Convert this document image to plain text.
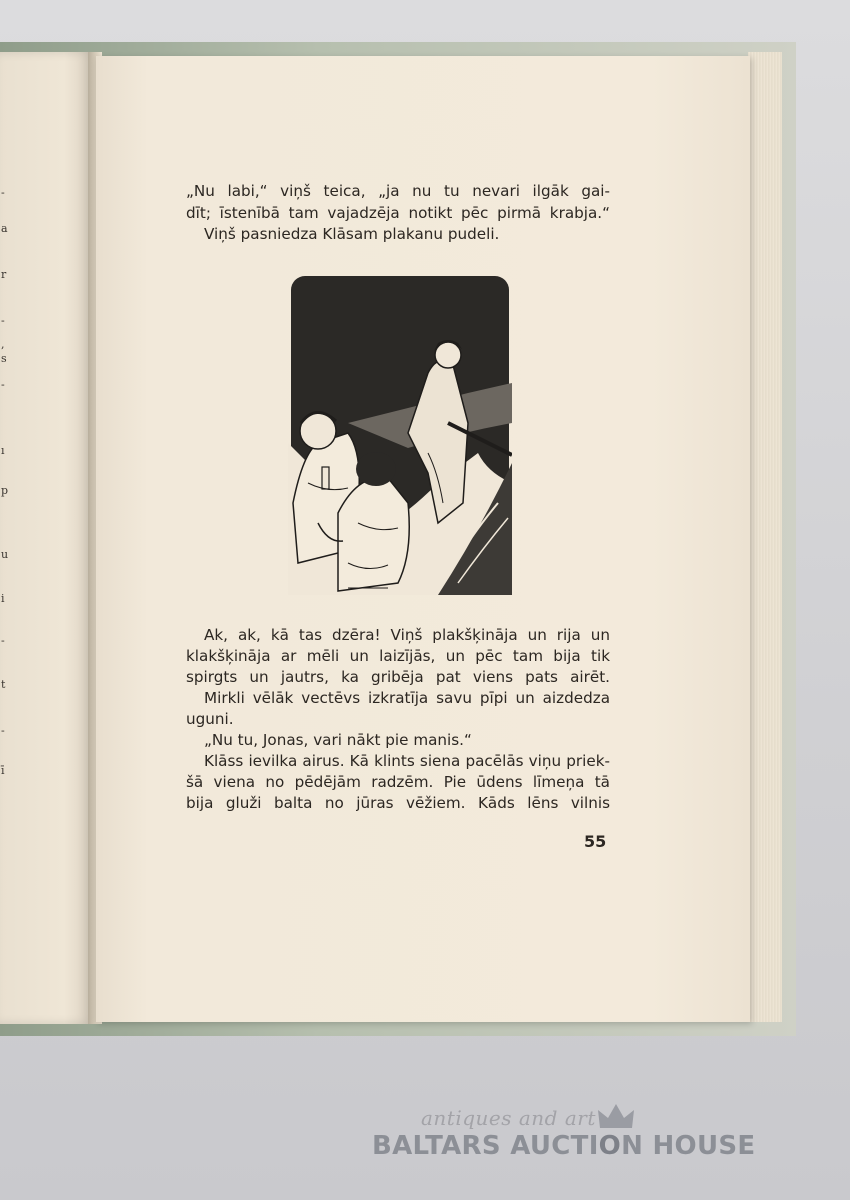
-
a
r
-
,
s
-
ı
p
u
i
-
t
-
ī
„Nu labi,“ viņš teica, „ja nu tu nevari ilgāk gai-
dīt; īstenībā tam vajadzēja notikt pēc pirmā krabja.“
Viņš pasniedza Klāsam plakanu pudeli.
Ak, ak, kā tas dzēra! Viņš plakšķināja un rija un
klakšķināja ar mēli un laizījās, un pēc tam bija tik
spirgts un jautrs, ka gribēja pat viens pats airēt.
Mirkli vēlāk vectēvs izkratīja savu pīpi un aizdedza
uguni.
„Nu tu, Jonas, vari nākt pie manis.“
Klāss ievilka airus. Kā klints siena pacēlās viņu priek-
šā viena no pēdējām radzēm. Pie ūdens līmeņa tā
bija gluži balta no jūras vēžiem. Kāds lēns vilnis
55
antiques and art
BALTARS AUCTION HOUSE
